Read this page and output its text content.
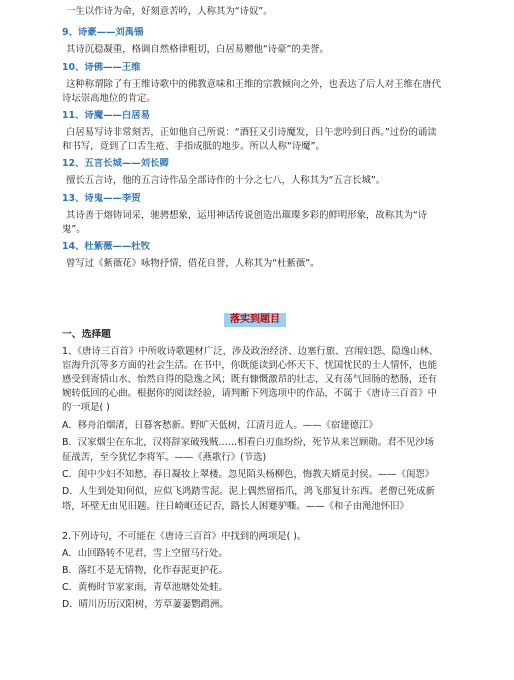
一生以作诗为命，好刻意苦吟，人称其为“诗奴”。
9、诗豪——刘禹锡
其诗沉稳凝重，格调自然格律粗切，白居易赠他“诗豪”的美誉。
10、诗佛——王维
这种称谓除了有王维诗歌中的佛教意味和王维的宗教倾向之外，也表达了后人对王维在唐代
诗坛崇高地位的肯定。
11、诗魔——白居易
白居易写诗非常刻苦，正如他自己所说：“酒狂又引诗魔发，日午悲吟到日西。”过份的诵读
和书写，竟到了口舌生疮、手指成胝的地步。所以人称“诗魔”。
12、五言长城——刘长卿
擅长五言诗，他的五言诗作品全部诗作的十分之七八，人称其为“五言长城”。
13、诗鬼——李贺
其诗善于熔铸词采，驰骋想象，运用神话传说创造出璀璨多彩的鲜明形象，故称其为“诗
鬼”。
14、杜紫薇——杜牧
曾写过《紫薇花》咏物抒情，借花自誉，人称其为“杜紫薇”。
落实到题目
一、选择题
1、《唐诗三百首》中所收诗歌题材广泛，涉及政治经济、边塞行旅、宫闱妇怨、隐逸山林、
宦海升沉等多方面的社会生活。在书中，你既能读到心怀天下、忧国忧民的士人情怀，也能
感受到寄情山水、怡然自得的隐逸之风；既有慷慨激昂的壮志，又有荡气回肠的愁肠，还有
婉转低回的心曲。根据你的阅读经验，请判断下列选项中的作品，不属于《唐诗三百首》中
的一项是( )
A．移舟泊烟渚，日暮客愁新。野旷天低树，江清月近人。——《宿建德江》
B．汉家烟尘在东北，汉将辞家破残贼……相看白刃血纷纷，死节从来岂顾勋。君不见沙场
征战苦，至今犹忆李将军。——《燕歌行》(节选)
C．闺中少妇不知愁，春日凝妆上翠楼。忽见陌头杨柳色，悔教夫婿觅封侯。——《闺怨》
D．人生到处知何似，应似飞鸿踏雪泥。泥上偶然留指爪，鸿飞那复计东西。老僧已死成新
塔，坏壁无由见旧题。往日崎岖还记否，路长人困蹇驴嘶。——《和子由渑池怀旧》
2.下列诗句，不可能在《唐诗三百首》中找到的两项是( )。
A．山回路转不见君，雪上空留马行处。
B．落红不是无情物，化作春泥更护花。
C．黄梅时节家家雨，青草池塘处处蛙。
D．晴川历历汉阳树，芳草萋萋鹦鹉洲。
